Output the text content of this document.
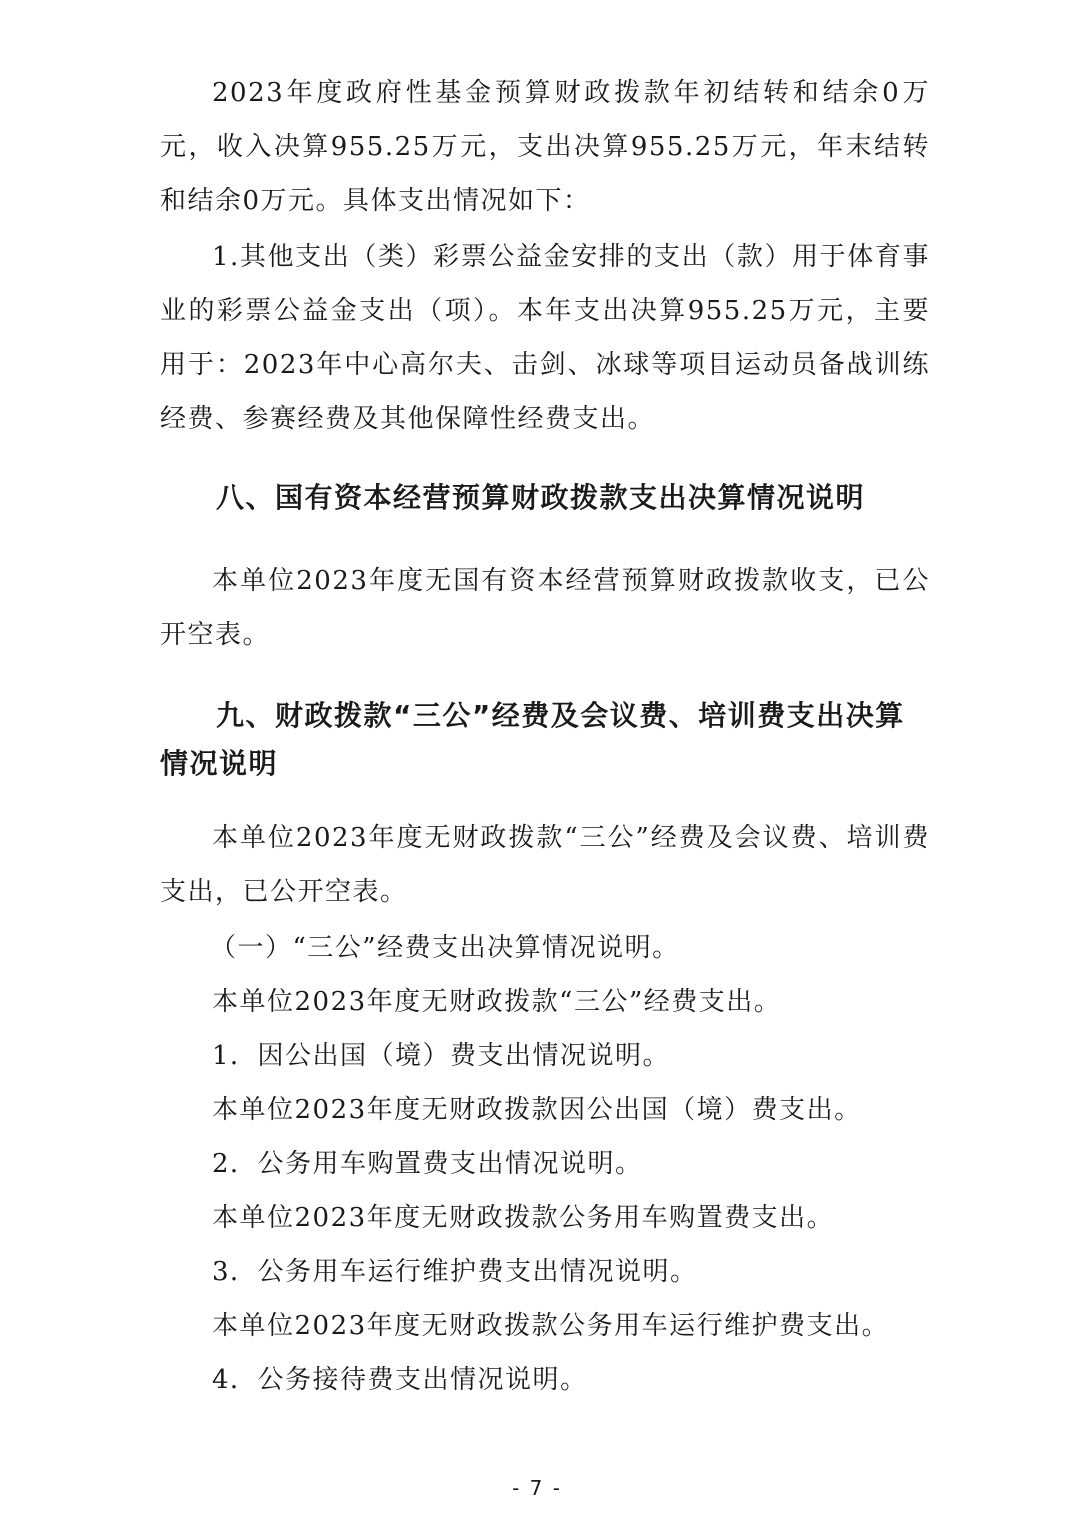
2023年度政府性基金预算财政拨款年初结转和结余0万元，收入决算955.25万元，支出决算955.25万元，年末结转和结余0万元。具体支出情况如下：

1.其他支出（类）彩票公益金安排的支出（款）用于体育事业的彩票公益金支出（项）。本年支出决算955.25万元，主要用于：2023年中心高尔夫、击剑、冰球等项目运动员备战训练经费、参赛经费及其他保障性经费支出。

八、国有资本经营预算财政拨款支出决算情况说明

本单位2023年度无国有资本经营预算财政拨款收支，已公开空表。

九、财政拨款“三公”经费及会议费、培训费支出决算情况说明

本单位2023年度无财政拨款“三公”经费及会议费、培训费支出，已公开空表。

（一）“三公”经费支出决算情况说明。

本单位2023年度无财政拨款“三公”经费支出。

1．因公出国（境）费支出情况说明。

本单位2023年度无财政拨款因公出国（境）费支出。

2．公务用车购置费支出情况说明。

本单位2023年度无财政拨款公务用车购置费支出。

3．公务用车运行维护费支出情况说明。

本单位2023年度无财政拨款公务用车运行维护费支出。

4．公务接待费支出情况说明。

- 7 -
